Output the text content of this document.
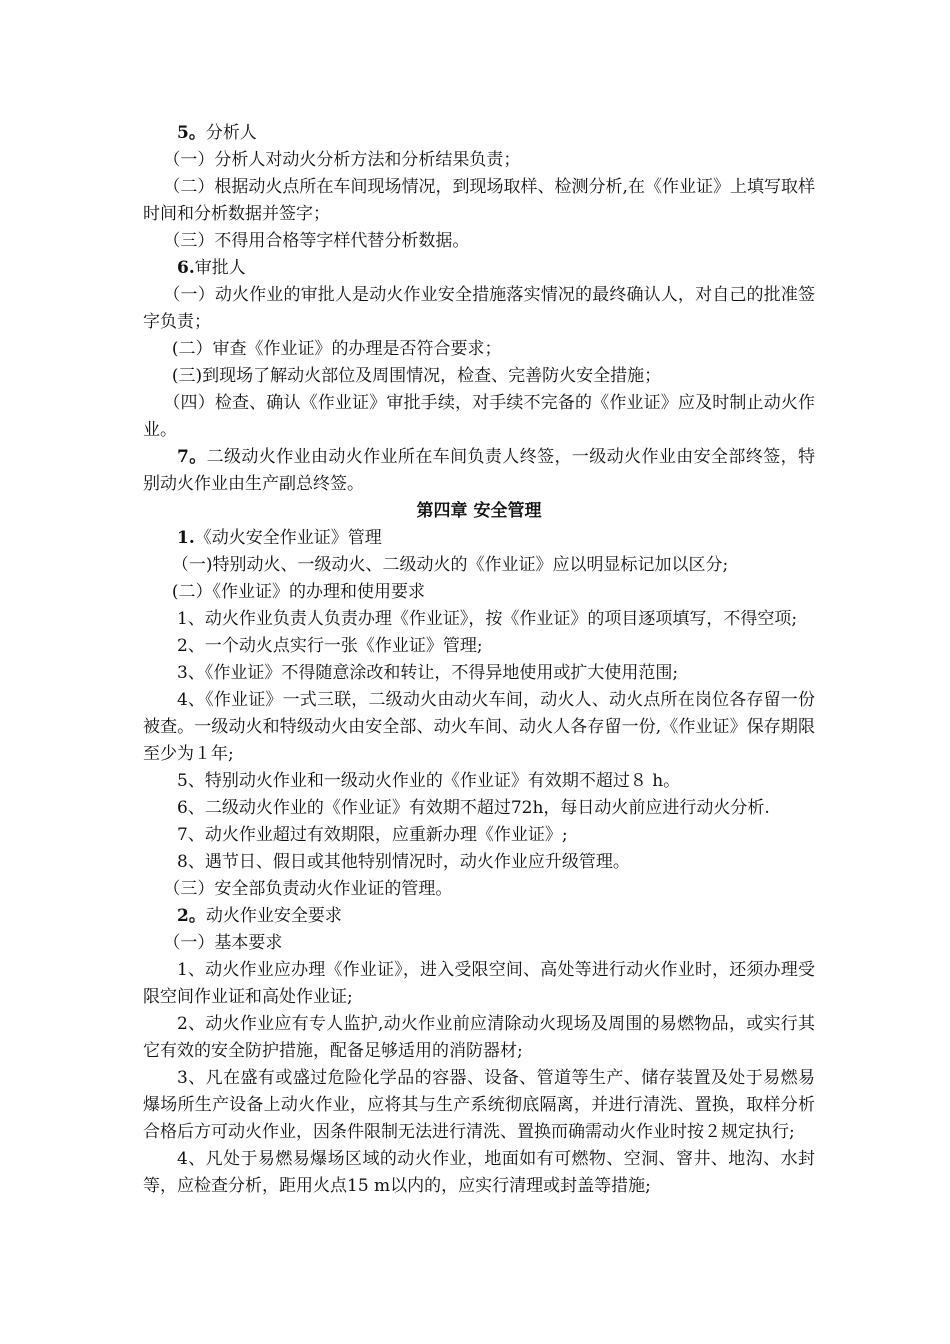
5。分析人

（一）分析人对动火分析方法和分析结果负责；

（二）根据动火点所在车间现场情况，到现场取样、检测分析,在《作业证》上填写取样时间和分析数据并签字；

（三）不得用合格等字样代替分析数据。

6.审批人

（一）动火作业的审批人是动火作业安全措施落实情况的最终确认人，对自己的批准签字负责；

(二）审查《作业证》的办理是否符合要求；

(三)到现场了解动火部位及周围情况，检查、完善防火安全措施；

（四）检查、确认《作业证》审批手续，对手续不完备的《作业证》应及时制止动火作业。

7。二级动火作业由动火作业所在车间负责人终签，一级动火作业由安全部终签，特别动火作业由生产副总终签。

第四章 安全管理

1.《动火安全作业证》管理

（一)特别动火、一级动火、二级动火的《作业证》应以明显标记加以区分;

(二）《作业证》的办理和使用要求

1、动火作业负责人负责办理《作业证》，按《作业证》的项目逐项填写，不得空项;

2、一个动火点实行一张《作业证》管理;

3、《作业证》不得随意涂改和转让，不得异地使用或扩大使用范围;

4、《作业证》一式三联，二级动火由动火车间，动火人、动火点所在岗位各存留一份被查。一级动火和特级动火由安全部、动火车间、动火人各存留一份,《作业证》保存期限至少为１年;

5、特别动火作业和一级动火作业的《作业证》有效期不超过８ h。

6、二级动火作业的《作业证》有效期不超过72h，每日动火前应进行动火分析.

7、动火作业超过有效期限，应重新办理《作业证》;

8、遇节日、假日或其他特别情况时，动火作业应升级管理。

（三）安全部负责动火作业证的管理。

2。动火作业安全要求

（一）基本要求

1、动火作业应办理《作业证》，进入受限空间、高处等进行动火作业时，还须办理受限空间作业证和高处作业证;

2、动火作业应有专人监护,动火作业前应清除动火现场及周围的易燃物品，或实行其它有效的安全防护措施，配备足够适用的消防器材;

3、凡在盛有或盛过危险化学品的容器、设备、管道等生产、储存装置及处于易燃易爆场所生产设备上动火作业，应将其与生产系统彻底隔离，并进行清洗、置换，取样分析合格后方可动火作业，因条件限制无法进行清洗、置换而确需动火作业时按２规定执行;

4、凡处于易燃易爆场区域的动火作业，地面如有可燃物、空洞、窨井、地沟、水封等，应检查分析，距用火点15 m以内的，应实行清理或封盖等措施;
